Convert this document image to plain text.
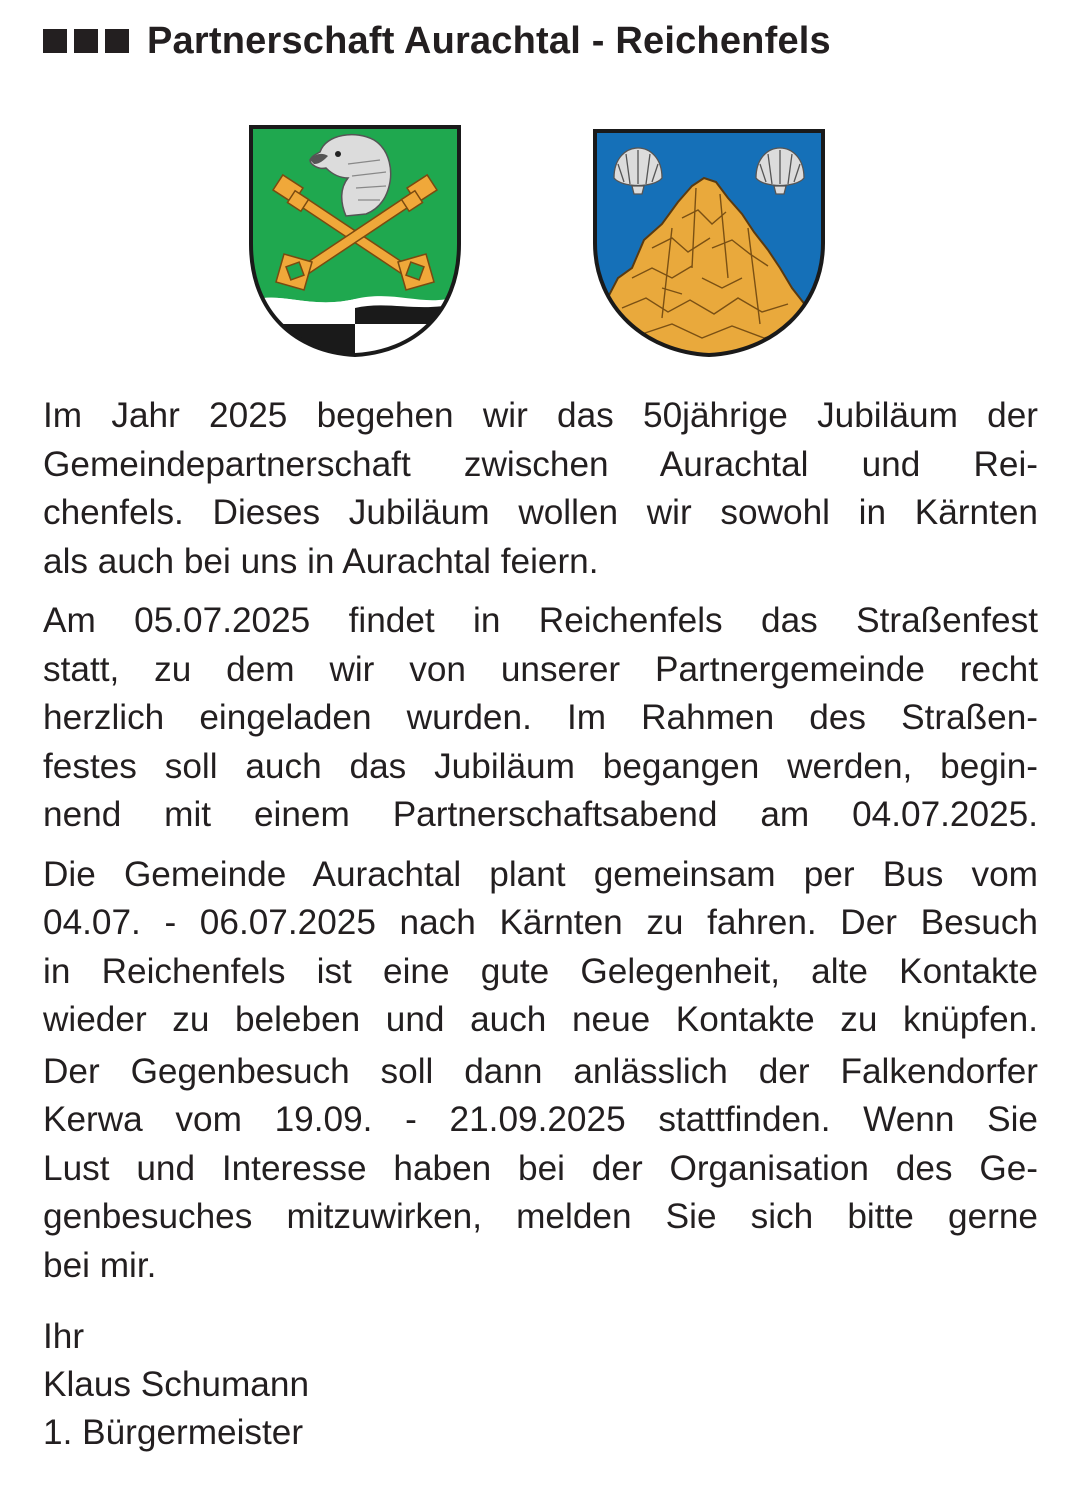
Partnerschaft Aurachtal - Reichenfels
Im Jahr 2025 begehen wir das 50jährige Jubiläum der
Gemeindepartnerschaft zwischen Aurachtal und Rei-
chenfels. Dieses Jubiläum wollen wir sowohl in Kärnten
als auch bei uns in Aurachtal feiern.
Am 05.07.2025 findet in Reichenfels das Straßenfest
statt, zu dem wir von unserer Partnergemeinde recht
herzlich eingeladen wurden. Im Rahmen des Straßen-
festes soll auch das Jubiläum begangen werden, begin-
nend mit einem Partnerschaftsabend am 04.07.2025.
Die Gemeinde Aurachtal plant gemeinsam per Bus vom
04.07. - 06.07.2025 nach Kärnten zu fahren. Der Besuch
in Reichenfels ist eine gute Gelegenheit, alte Kontakte
wieder zu beleben und auch neue Kontakte zu knüpfen.
Der Gegenbesuch soll dann anlässlich der Falkendorfer
Kerwa vom 19.09. - 21.09.2025 stattfinden. Wenn Sie
Lust und Interesse haben bei der Organisation des Ge-
genbesuches mitzuwirken, melden Sie sich bitte gerne
bei mir.
Ihr
Klaus Schumann
1. Bürgermeister
